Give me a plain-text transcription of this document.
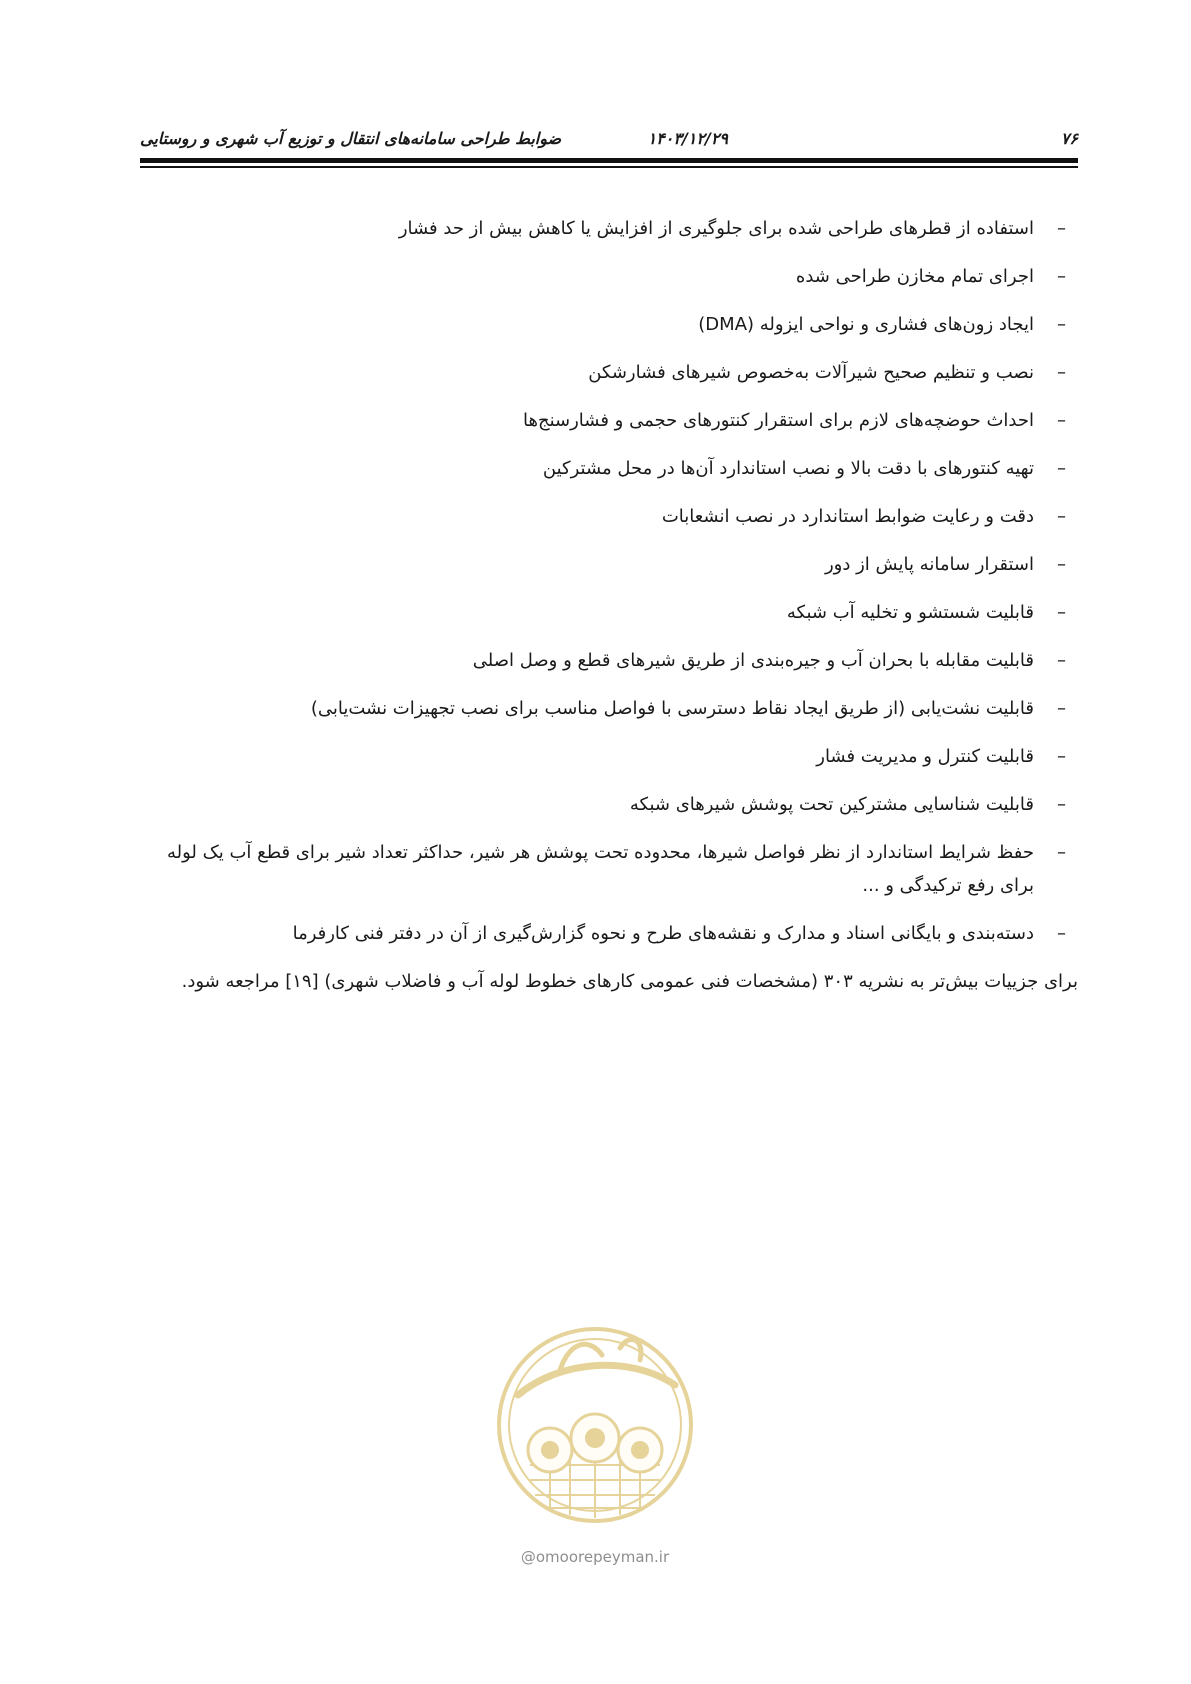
۷۶
۱۴۰۳/۱۲/۲۹
ضوابط طراحی سامانه‌های انتقال و توزیع آب شهری و روستایی
–
استفاده از قطرهای طراحی شده برای جلوگیری از افزایش یا کاهش بیش از حد فشار
–
اجرای تمام مخازن طراحی شده
–
ایجاد زون‌های فشاری و نواحی ایزوله (DMA)
–
نصب و تنظیم صحیح شیرآلات به‌خصوص شیرهای فشارشکن
–
احداث حوضچه‌های لازم برای استقرار کنتورهای حجمی و فشارسنج‌ها
–
تهیه کنتورهای با دقت بالا و نصب استاندارد آن‌ها در محل مشترکین
–
دقت و رعایت ضوابط استاندارد در نصب انشعابات
–
استقرار سامانه پایش از دور
–
قابلیت شستشو و تخلیه آب شبکه
–
قابلیت مقابله با بحران آب و جیره‌بندی از طریق شیرهای قطع و وصل اصلی
–
قابلیت نشت‌یابی (از طریق ایجاد نقاط دسترسی با فواصل مناسب برای نصب تجهیزات نشت‌یابی)
–
قابلیت کنترل و مدیریت فشار
–
قابلیت شناسایی مشترکین تحت پوشش شیرهای شبکه
–
حفظ شرایط استاندارد از نظر فواصل شیرها، محدوده تحت پوشش هر شیر، حداکثر تعداد شیر برای قطع آب یک لوله برای رفع ترکیدگی و ...
–
دسته‌بندی و بایگانی اسناد و مدارک و نقشه‌های طرح و نحوه گزارش‌گیری از آن در دفتر فنی کارفرما

برای جزییات بیش‌تر به نشریه ۳۰۳ (مشخصات فنی عمومی کارهای خطوط لوله آب و فاضلاب شهری) [۱۹] مراجعه شود.

@omoorepeyman.ir
